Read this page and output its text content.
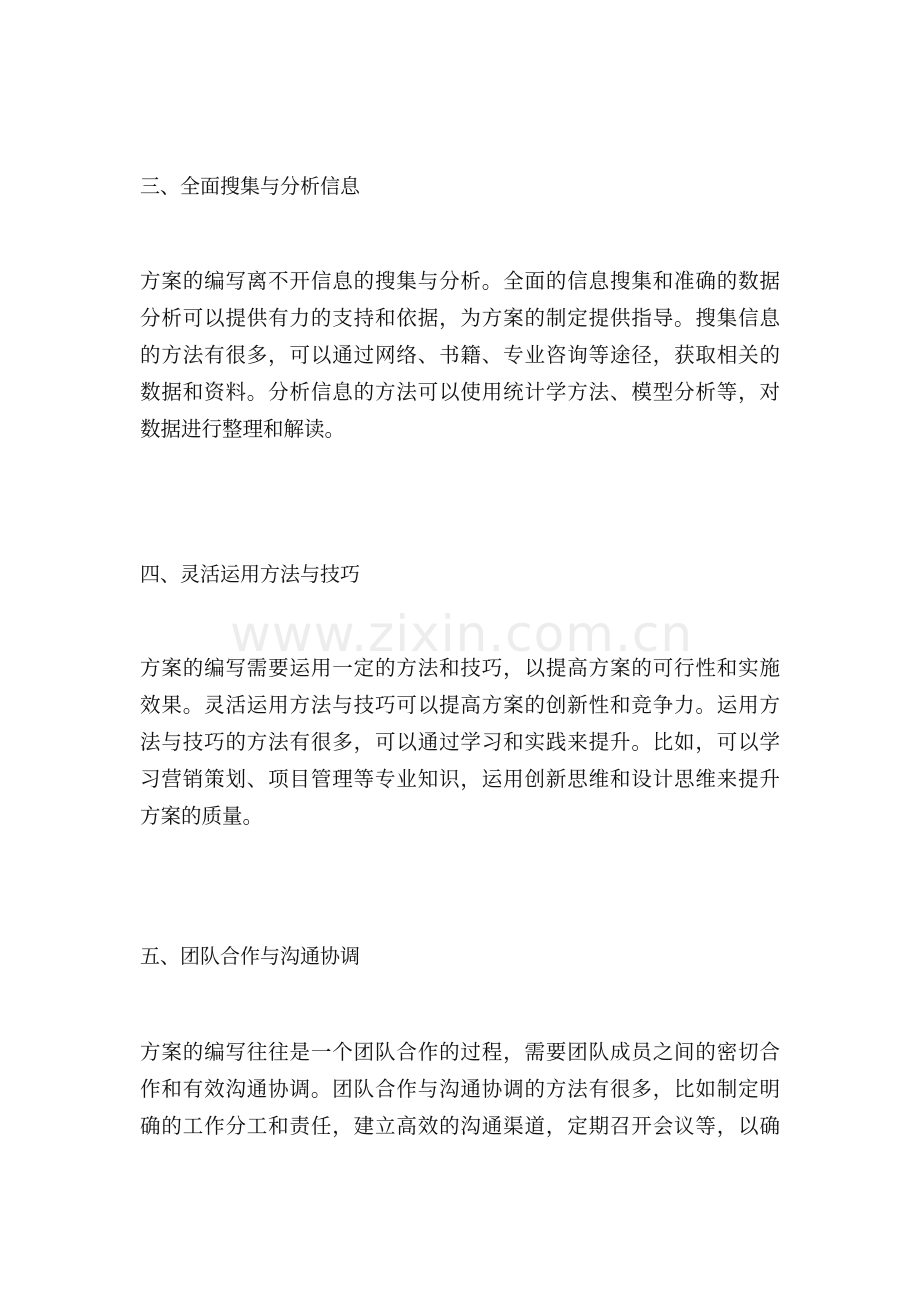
三、全面搜集与分析信息
方案的编写离不开信息的搜集与分析。全面的信息搜集和准确的数据
分析可以提供有力的支持和依据，为方案的制定提供指导。搜集信息
的方法有很多，可以通过网络、书籍、专业咨询等途径，获取相关的
数据和资料。分析信息的方法可以使用统计学方法、模型分析等，对
数据进行整理和解读。
四、灵活运用方法与技巧
www.zixin.com.cn
方案的编写需要运用一定的方法和技巧，以提高方案的可行性和实施
效果。灵活运用方法与技巧可以提高方案的创新性和竞争力。运用方
法与技巧的方法有很多，可以通过学习和实践来提升。比如，可以学
习营销策划、项目管理等专业知识，运用创新思维和设计思维来提升
方案的质量。
五、团队合作与沟通协调
方案的编写往往是一个团队合作的过程，需要团队成员之间的密切合
作和有效沟通协调。团队合作与沟通协调的方法有很多，比如制定明
确的工作分工和责任，建立高效的沟通渠道，定期召开会议等，以确
